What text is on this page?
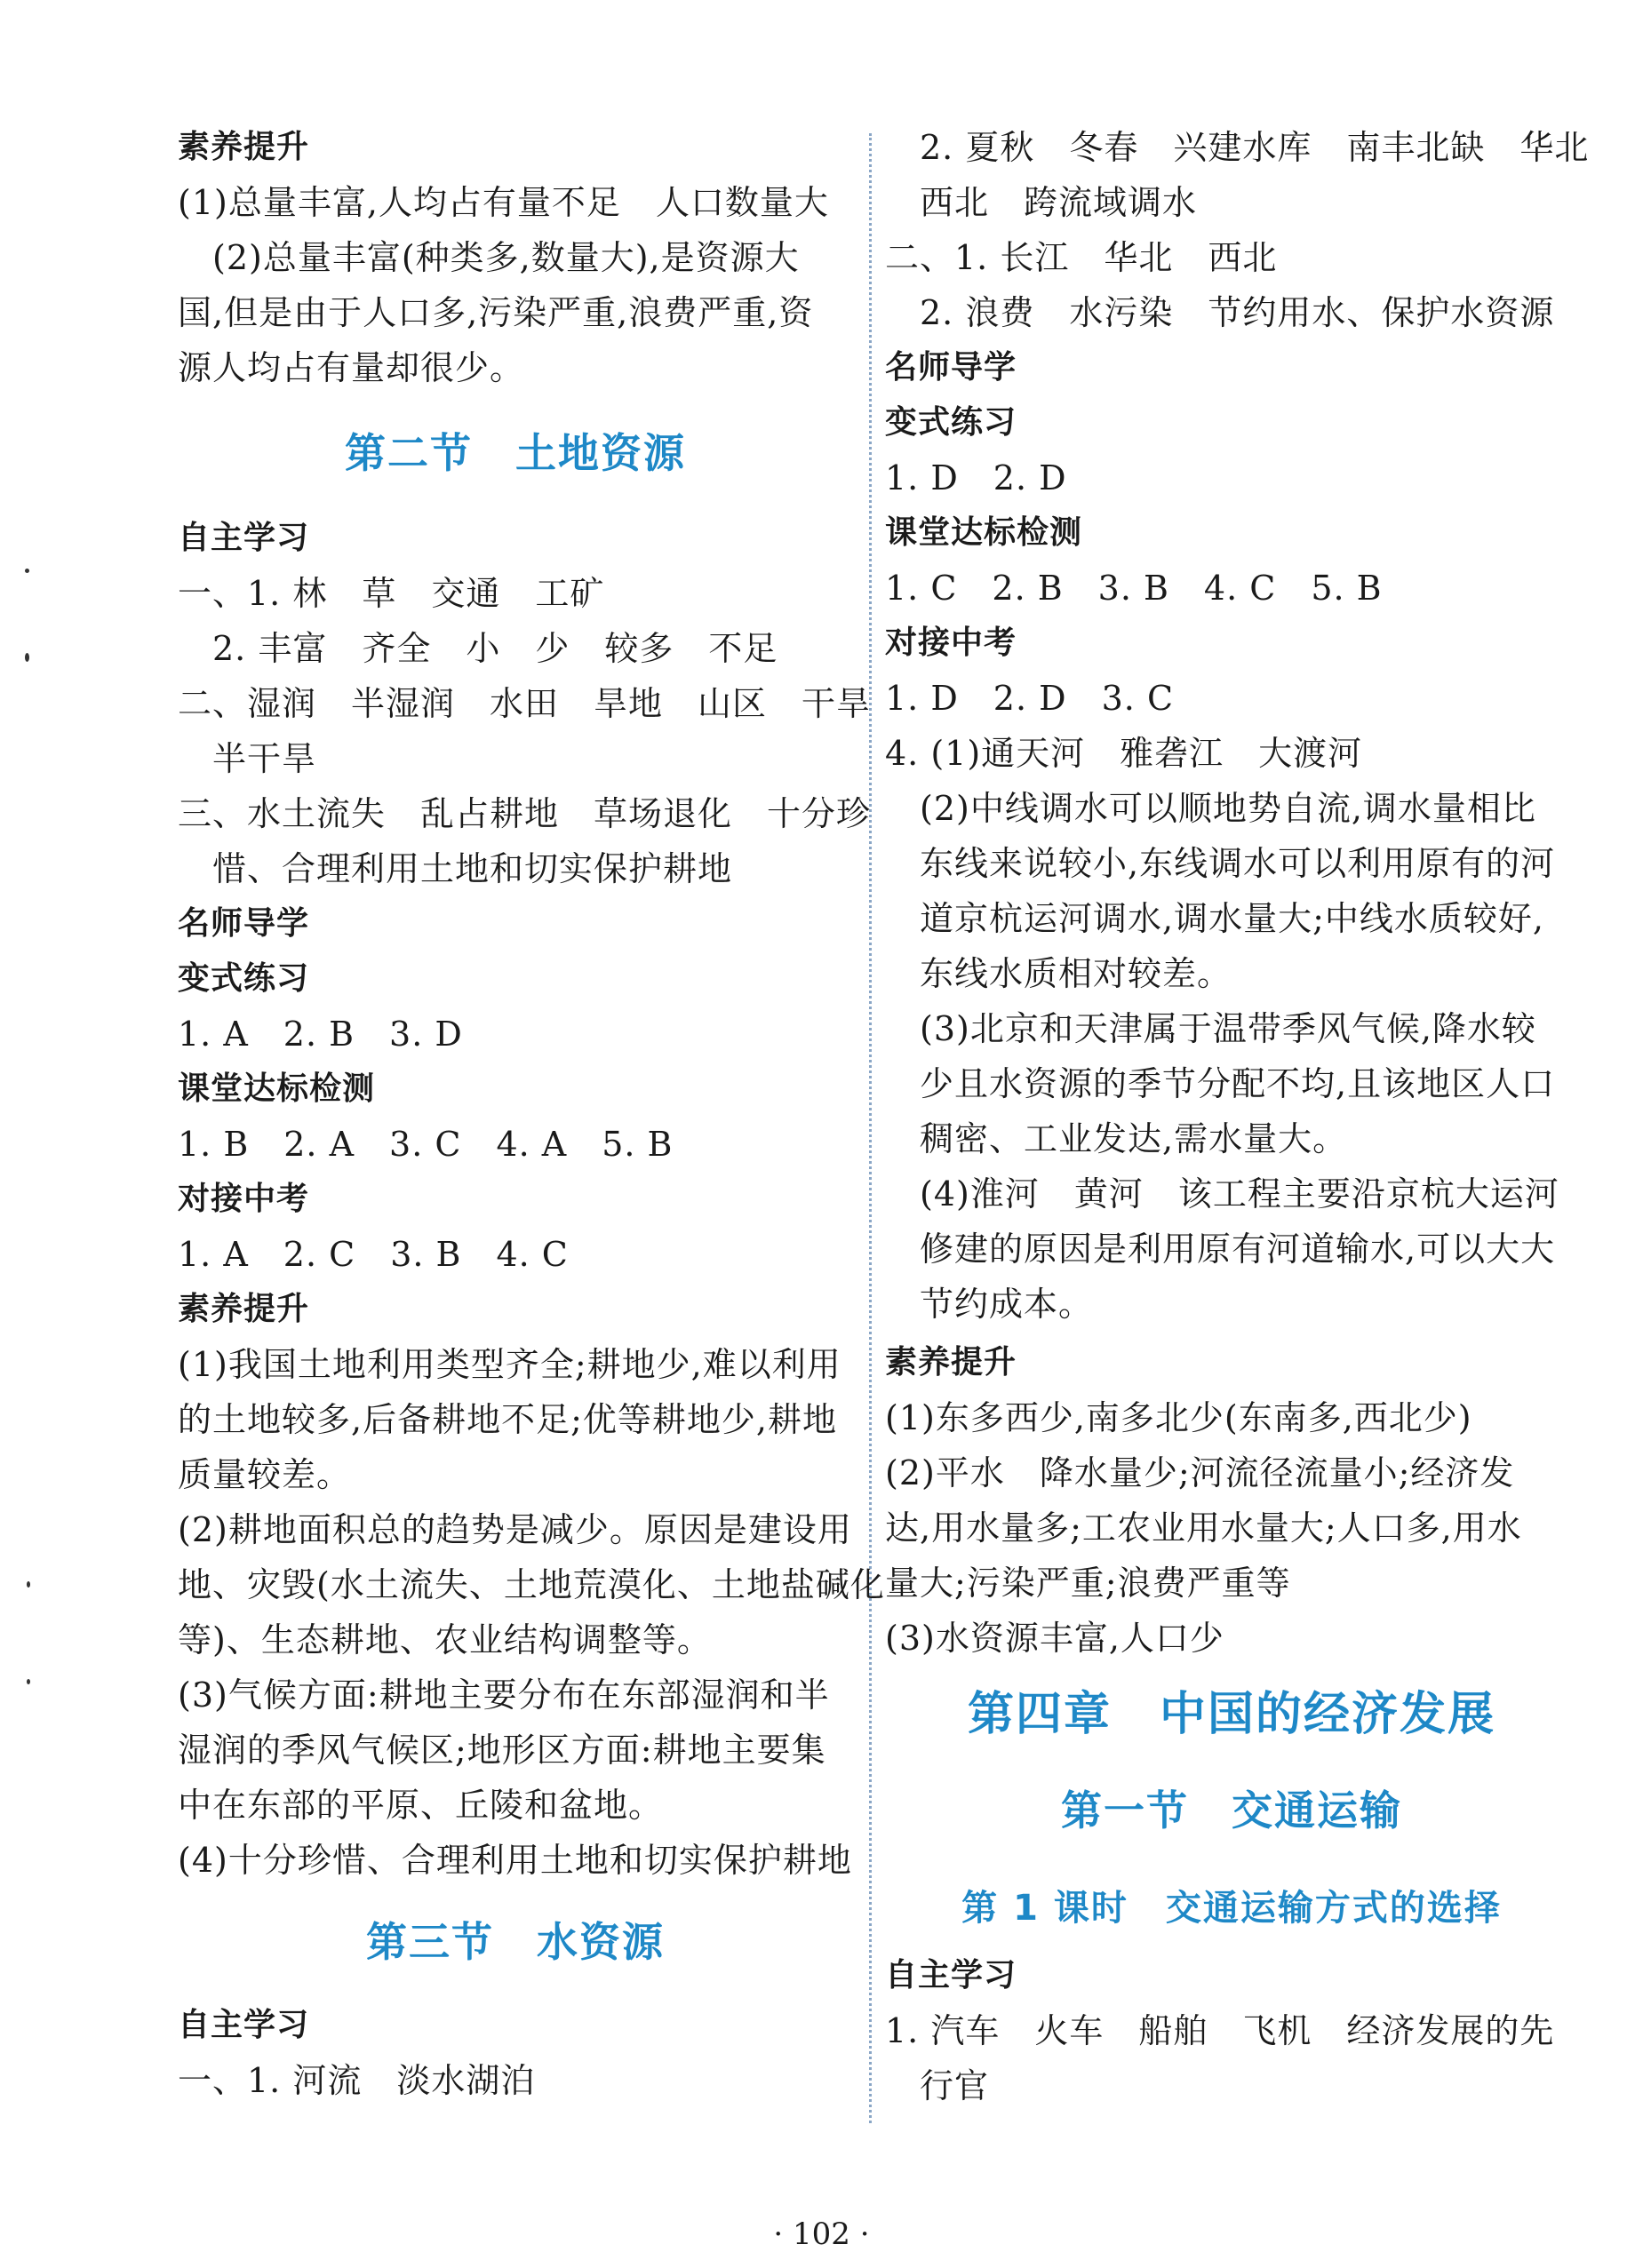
素养提升
(1)总量丰富,人均占有量不足　人口数量大
　(2)总量丰富(种类多,数量大),是资源大
国,但是由于人口多,污染严重,浪费严重,资
源人均占有量却很少。
第二节　土地资源
自主学习
一、1. 林　草　交通　工矿
　2. 丰富　齐全　小　少　较多　不足
二、湿润　半湿润　水田　旱地　山区　干旱
　半干旱
三、水土流失　乱占耕地　草场退化　十分珍
　惜、合理利用土地和切实保护耕地
名师导学
变式练习
1. A　2. B　3. D
课堂达标检测
1. B　2. A　3. C　4. A　5. B
对接中考
1. A　2. C　3. B　4. C
素养提升
(1)我国土地利用类型齐全;耕地少,难以利用
的土地较多,后备耕地不足;优等耕地少,耕地
质量较差。
(2)耕地面积总的趋势是减少。原因是建设用
地、灾毁(水土流失、土地荒漠化、土地盐碱化
等)、生态耕地、农业结构调整等。
(3)气候方面:耕地主要分布在东部湿润和半
湿润的季风气候区;地形区方面:耕地主要集
中在东部的平原、丘陵和盆地。
(4)十分珍惜、合理利用土地和切实保护耕地
第三节　水资源
自主学习
一、1. 河流　淡水湖泊
　2. 夏秋　冬春　兴建水库　南丰北缺　华北
　西北　跨流域调水
二、1. 长江　华北　西北
　2. 浪费　水污染　节约用水、保护水资源
名师导学
变式练习
1. D　2. D
课堂达标检测
1. C　2. B　3. B　4. C　5. B
对接中考
1. D　2. D　3. C
4. (1)通天河　雅砻江　大渡河
　(2)中线调水可以顺地势自流,调水量相比
　东线来说较小,东线调水可以利用原有的河
　道京杭运河调水,调水量大;中线水质较好,
　东线水质相对较差。
　(3)北京和天津属于温带季风气候,降水较
　少且水资源的季节分配不均,且该地区人口
　稠密、工业发达,需水量大。
　(4)淮河　黄河　该工程主要沿京杭大运河
　修建的原因是利用原有河道输水,可以大大
　节约成本。
素养提升
(1)东多西少,南多北少(东南多,西北少)
(2)平水　降水量少;河流径流量小;经济发
达,用水量多;工农业用水量大;人口多,用水
量大;污染严重;浪费严重等
(3)水资源丰富,人口少
第四章　中国的经济发展
第一节　交通运输
第 1 课时　交通运输方式的选择
自主学习
1. 汽车　火车　船舶　飞机　经济发展的先
　行官
· 102 ·
